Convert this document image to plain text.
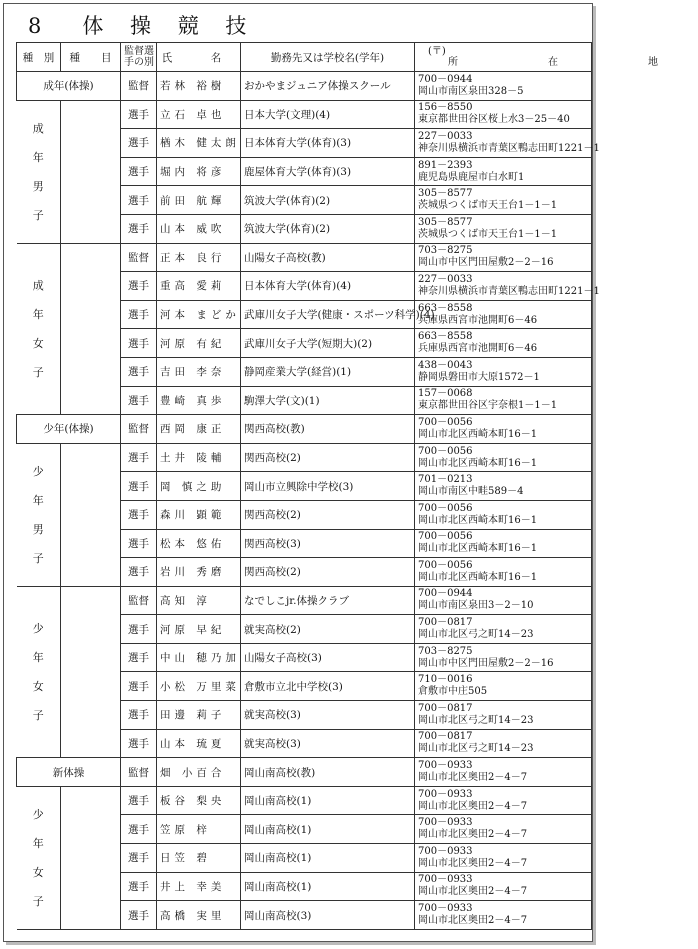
8　体 操 競 技
種　別	種　　目	監督選
手の別	氏　名	勤務先又は学校名(学年)	(〒)
所　在　地

成年(体操)		監督	若林 裕樹	おかやまジュニア体操スクール	700－0944
岡山市南区泉田328－5

成
年
男
子		選手	立石 卓也	日本大学(文理)(4)	156－8550
東京都世田谷区桜上水3－25－40

		選手	楢木 健太朗	日本体育大学(体育)(3)	227－0033
神奈川県横浜市青葉区鴨志田町1221－1

		選手	堀内 将彦	鹿屋体育大学(体育)(3)	891－2393
鹿児島県鹿屋市白水町1

		選手	前田 航輝	筑波大学(体育)(2)	305－8577
茨城県つくば市天王台1－1－1

		選手	山本 威吹	筑波大学(体育)(2)	305－8577
茨城県つくば市天王台1－1－1

成
年
女
子		監督	正本 良行	山陽女子高校(教)	703－8275
岡山市中区門田屋敷2－2－16

		選手	重高 愛莉	日本体育大学(体育)(4)	227－0033
神奈川県横浜市青葉区鴨志田町1221－1

		選手	河本 まどか	武庫川女子大学(健康・スポーツ科学)(4)	663－8558
兵庫県西宮市池開町6－46

		選手	河原 有紀	武庫川女子大学(短期大)(2)	663－8558
兵庫県西宮市池開町6－46

		選手	吉田 李奈	静岡産業大学(経営)(1)	438－0043
静岡県磐田市大原1572－1

		選手	豊崎 真歩	駒澤大学(文)(1)	157－0068
東京都世田谷区宇奈根1－1－1

少年(体操)		監督	西岡 康正	関西高校(教)	700－0056
岡山市北区西崎本町16－1

少
年
男
子		選手	土井 陵輔	関西高校(2)	700－0056
岡山市北区西崎本町16－1

		選手	岡 慎之助	岡山市立興除中学校(3)	701－0213
岡山市南区中畦589－4

		選手	森川 顕範	関西高校(2)	700－0056
岡山市北区西崎本町16－1

		選手	松本 悠佑	関西高校(3)	700－0056
岡山市北区西崎本町16－1

		選手	岩川 秀磨	関西高校(2)	700－0056
岡山市北区西崎本町16－1

少
年
女
子		監督	高知 淳	なでしこjr.体操クラブ	700－0944
岡山市南区泉田3－2－10

		選手	河原 早紀	就実高校(2)	700－0817
岡山市北区弓之町14－23

		選手	中山 穂乃加	山陽女子高校(3)	703－8275
岡山市中区門田屋敷2－2－16

		選手	小松 万里菜	倉敷市立北中学校(3)	710－0016
倉敷市中庄505

		選手	田邊 莉子	就実高校(3)	700－0817
岡山市北区弓之町14－23

		選手	山本 琉夏	就実高校(3)	700－0817
岡山市北区弓之町14－23

新体操		監督	畑 小百合	岡山南高校(教)	700－0933
岡山市北区奥田2－4－7

少
年
女
子		選手	板谷 梨央	岡山南高校(1)	700－0933
岡山市北区奥田2－4－7

		選手	笠原 梓	岡山南高校(1)	700－0933
岡山市北区奥田2－4－7

		選手	日笠 碧	岡山南高校(1)	700－0933
岡山市北区奥田2－4－7

		選手	井上 幸美	岡山南高校(1)	700－0933
岡山市北区奥田2－4－7

		選手	高橋 実里	岡山南高校(3)	700－0933
岡山市北区奥田2－4－7
